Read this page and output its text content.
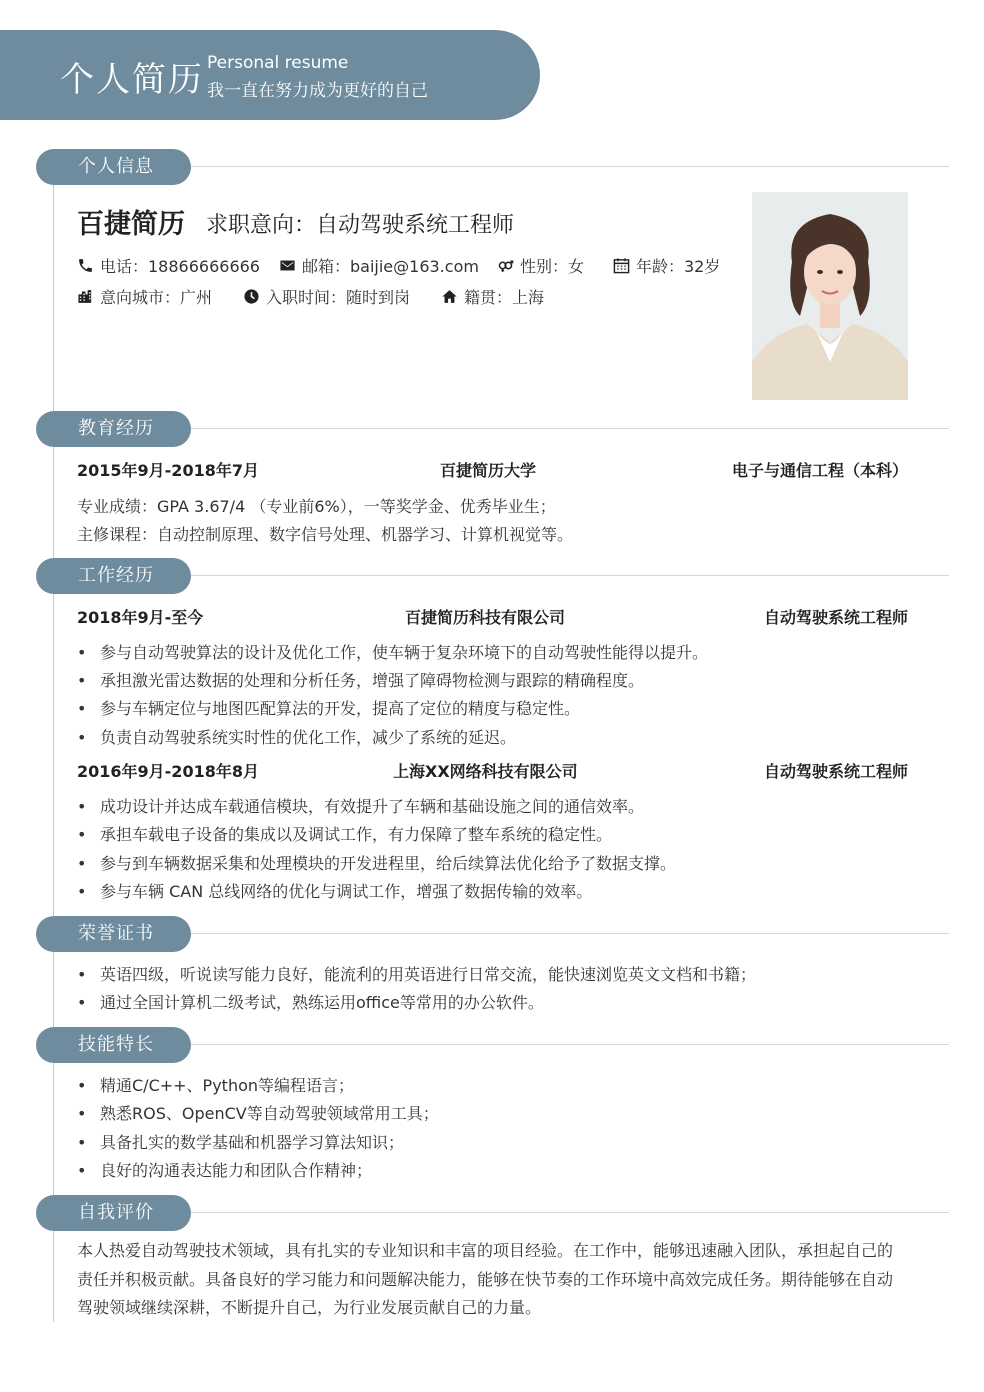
个人简历 Personal resume
我一直在努力成为更好的自己
个人信息
百捷简历 求职意向：自动驾驶系统工程师
电话：18866666666	邮箱：baijie@163.com	性别：女	年龄：32岁
意向城市：广州	入职时间：随时到岗	籍贯：上海
教育经历
2015年9月-2018年7月	百捷简历大学	电子与通信工程（本科）
专业成绩：GPA 3.67/4 （专业前6%），一等奖学金、优秀毕业生；
主修课程：自动控制原理、数字信号处理、机器学习、计算机视觉等。
工作经历
2018年9月-至今	百捷简历科技有限公司	自动驾驶系统工程师
• 参与自动驾驶算法的设计及优化工作，使车辆于复杂环境下的自动驾驶性能得以提升。
• 承担激光雷达数据的处理和分析任务，增强了障碍物检测与跟踪的精确程度。
• 参与车辆定位与地图匹配算法的开发，提高了定位的精度与稳定性。
• 负责自动驾驶系统实时性的优化工作，减少了系统的延迟。
2016年9月-2018年8月	上海XX网络科技有限公司	自动驾驶系统工程师
• 成功设计并达成车载通信模块，有效提升了车辆和基础设施之间的通信效率。
• 承担车载电子设备的集成以及调试工作，有力保障了整车系统的稳定性。
• 参与到车辆数据采集和处理模块的开发进程里，给后续算法优化给予了数据支撑。
• 参与车辆 CAN 总线网络的优化与调试工作，增强了数据传输的效率。
荣誉证书
• 英语四级，听说读写能力良好，能流利的用英语进行日常交流，能快速浏览英文文档和书籍；
• 通过全国计算机二级考试，熟练运用office等常用的办公软件。
技能特长
• 精通C/C++、Python等编程语言；
• 熟悉ROS、OpenCV等自动驾驶领域常用工具；
• 具备扎实的数学基础和机器学习算法知识；
• 良好的沟通表达能力和团队合作精神；
自我评价
本人热爱自动驾驶技术领域，具有扎实的专业知识和丰富的项目经验。在工作中，能够迅速融入团队，承担起自己的责任并积极贡献。具备良好的学习能力和问题解决能力，能够在快节奏的工作环境中高效完成任务。期待能够在自动驾驶领域继续深耕，不断提升自己，为行业发展贡献自己的力量。
